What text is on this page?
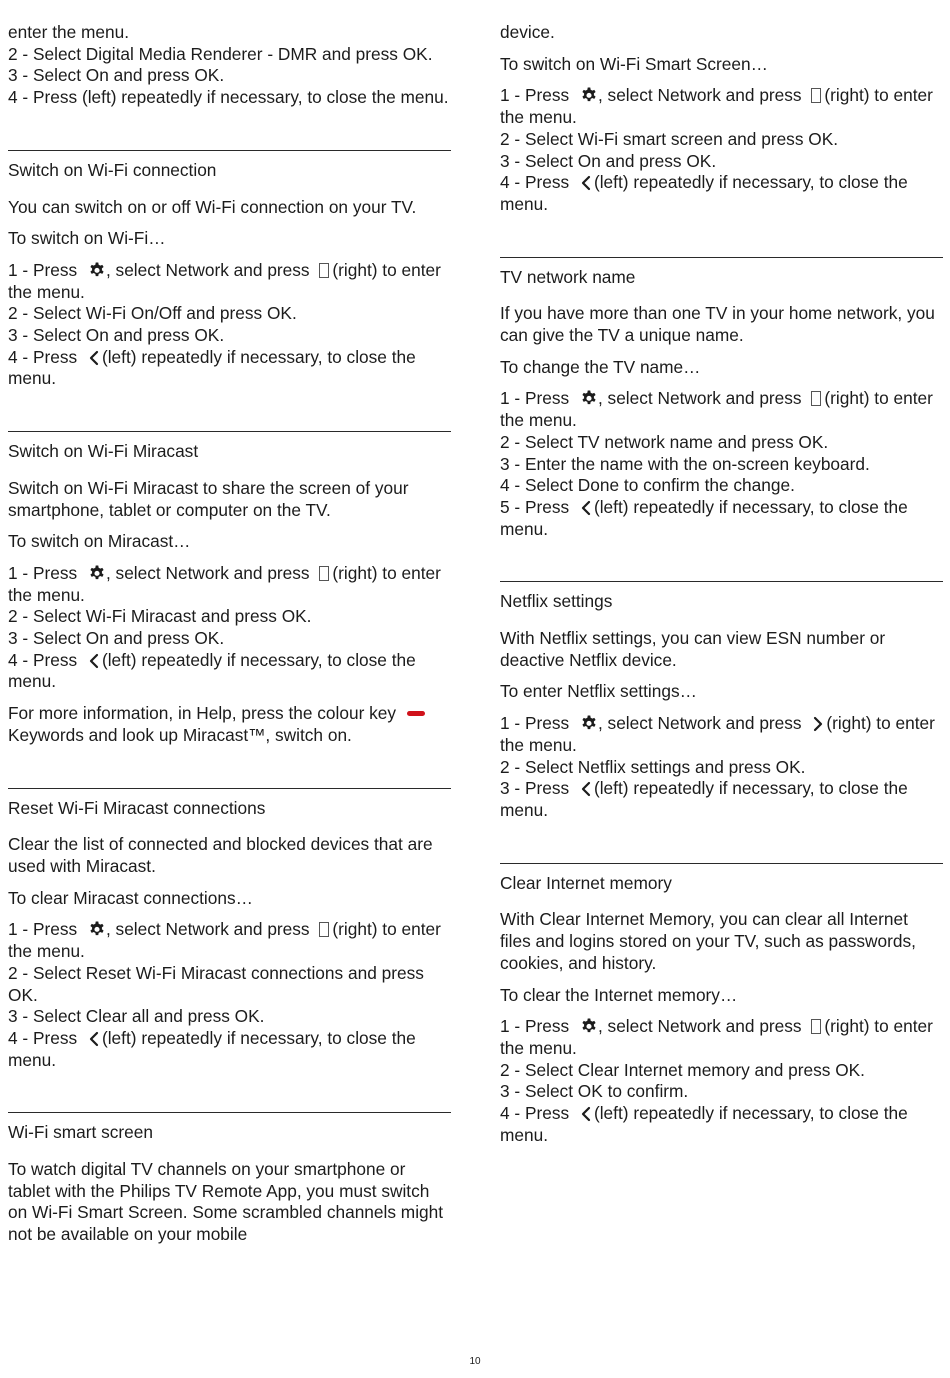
enter the menu.

2 - Select Digital Media Renderer - DMR and press OK.

3 - Select On and press OK.

4 - Press (left) repeatedly if necessary, to close the menu.

Switch on Wi-Fi connection

You can switch on or off Wi-Fi connection on your TV.

To switch on Wi-Fi…

1 - Press , select Network and press (right) to enter the menu.

2 - Select Wi-Fi On/Off and press OK.

3 - Select On and press OK.

4 - Press (left) repeatedly if necessary, to close the menu.

Switch on Wi-Fi Miracast

Switch on Wi-Fi Miracast to share the screen of your smartphone, tablet or computer on the TV.

To switch on Miracast…

1 - Press , select Network and press (right) to enter the menu.

2 - Select Wi-Fi Miracast and press OK.

3 - Select On and press OK.

4 - Press (left) repeatedly if necessary, to close the menu.

For more information, in Help, press the colour key Keywords and look up Miracast™, switch on.

Reset Wi-Fi Miracast connections

Clear the list of connected and blocked devices that are used with Miracast.

To clear Miracast connections…

1 - Press , select Network and press (right) to enter the menu.

2 - Select Reset Wi-Fi Miracast connections and press OK.

3 - Select Clear all and press OK.

4 - Press (left) repeatedly if necessary, to close the menu.

Wi-Fi smart screen

To watch digital TV channels on your smartphone or tablet with the Philips TV Remote App, you must switch on Wi-Fi Smart Screen. Some scrambled channels might not be available on your mobile

device.

To switch on Wi-Fi Smart Screen…

1 - Press , select Network and press (right) to enter the menu.

2 - Select Wi-Fi smart screen and press OK.

3 - Select On and press OK.

4 - Press (left) repeatedly if necessary, to close the menu.

TV network name

If you have more than one TV in your home network, you can give the TV a unique name.

To change the TV name…

1 - Press , select Network and press (right) to enter the menu.

2 - Select TV network name and press OK.

3 - Enter the name with the on-screen keyboard.

4 - Select Done to confirm the change.

5 - Press (left) repeatedly if necessary, to close the menu.

Netflix settings

With Netflix settings, you can view ESN number or deactive Netflix device.

To enter Netflix settings…

1 - Press , select Network and press (right) to enter the menu.

2 - Select Netflix settings and press OK.

3 - Press (left) repeatedly if necessary, to close the menu.

Clear Internet memory

With Clear Internet Memory, you can clear all Internet files and logins stored on your TV, such as passwords, cookies, and history.

To clear the Internet memory…

1 - Press , select Network and press (right) to enter the menu.

2 - Select Clear Internet memory and press OK.

3 - Select OK to confirm.

4 - Press (left) repeatedly if necessary, to close the menu.

10
